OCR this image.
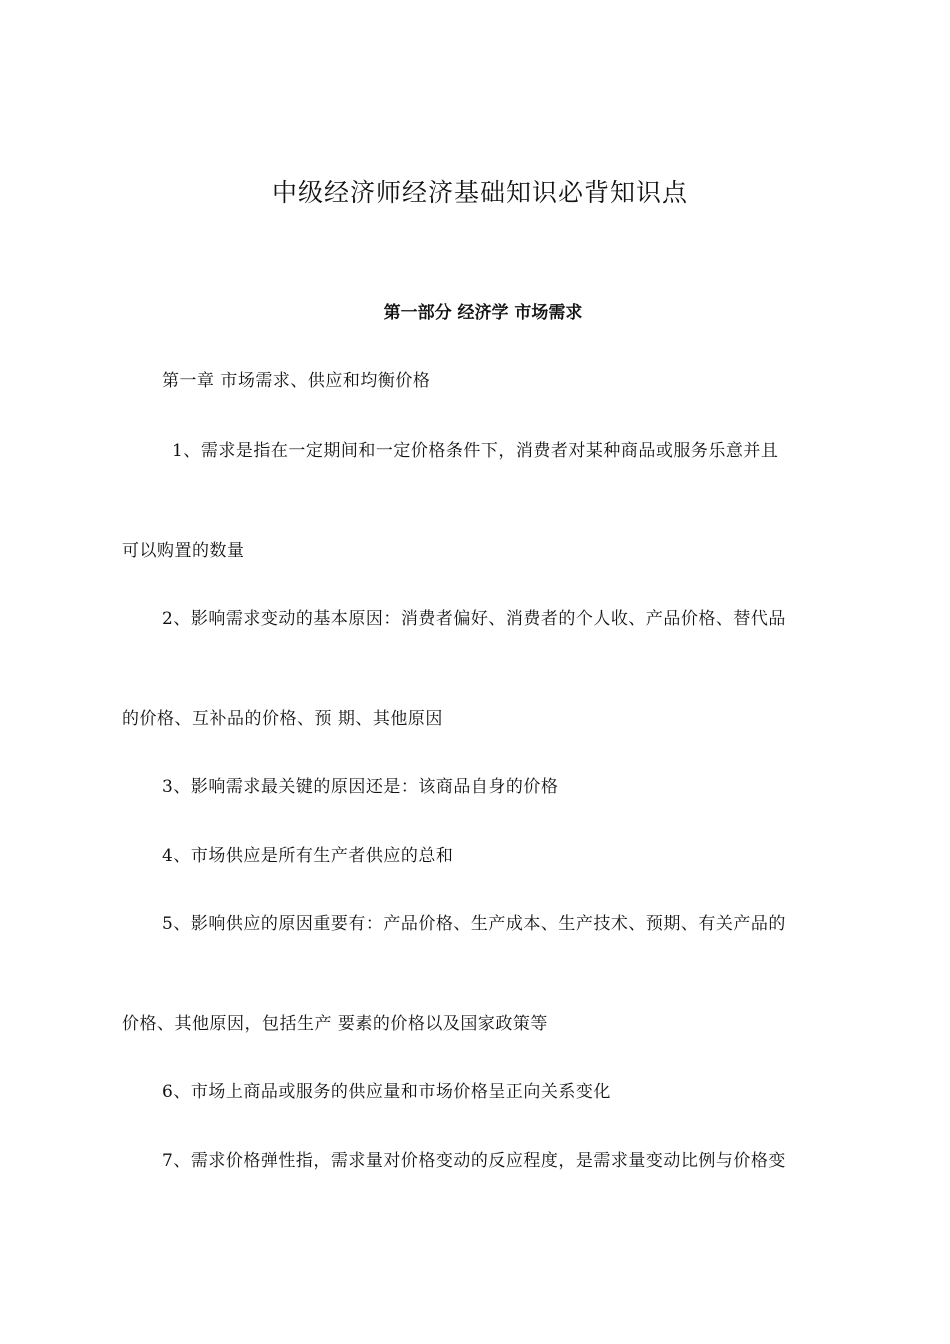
中级经济师经济基础知识必背知识点
第一部分 经济学 市场需求
第一章 市场需求、供应和均衡价格
1、需求是指在一定期间和一定价格条件下，消费者对某种商品或服务乐意并且
可以购置的数量
2、影响需求变动的基本原因：消费者偏好、消费者的个人收、产品价格、替代品
的价格、互补品的价格、预 期、其他原因
3、影响需求最关键的原因还是：该商品自身的价格
4、市场供应是所有生产者供应的总和
5、影响供应的原因重要有：产品价格、生产成本、生产技术、预期、有关产品的
价格、其他原因，包括生产 要素的价格以及国家政策等
6、市场上商品或服务的供应量和市场价格呈正向关系变化
7、需求价格弹性指，需求量对价格变动的反应程度，是需求量变动比例与价格变
